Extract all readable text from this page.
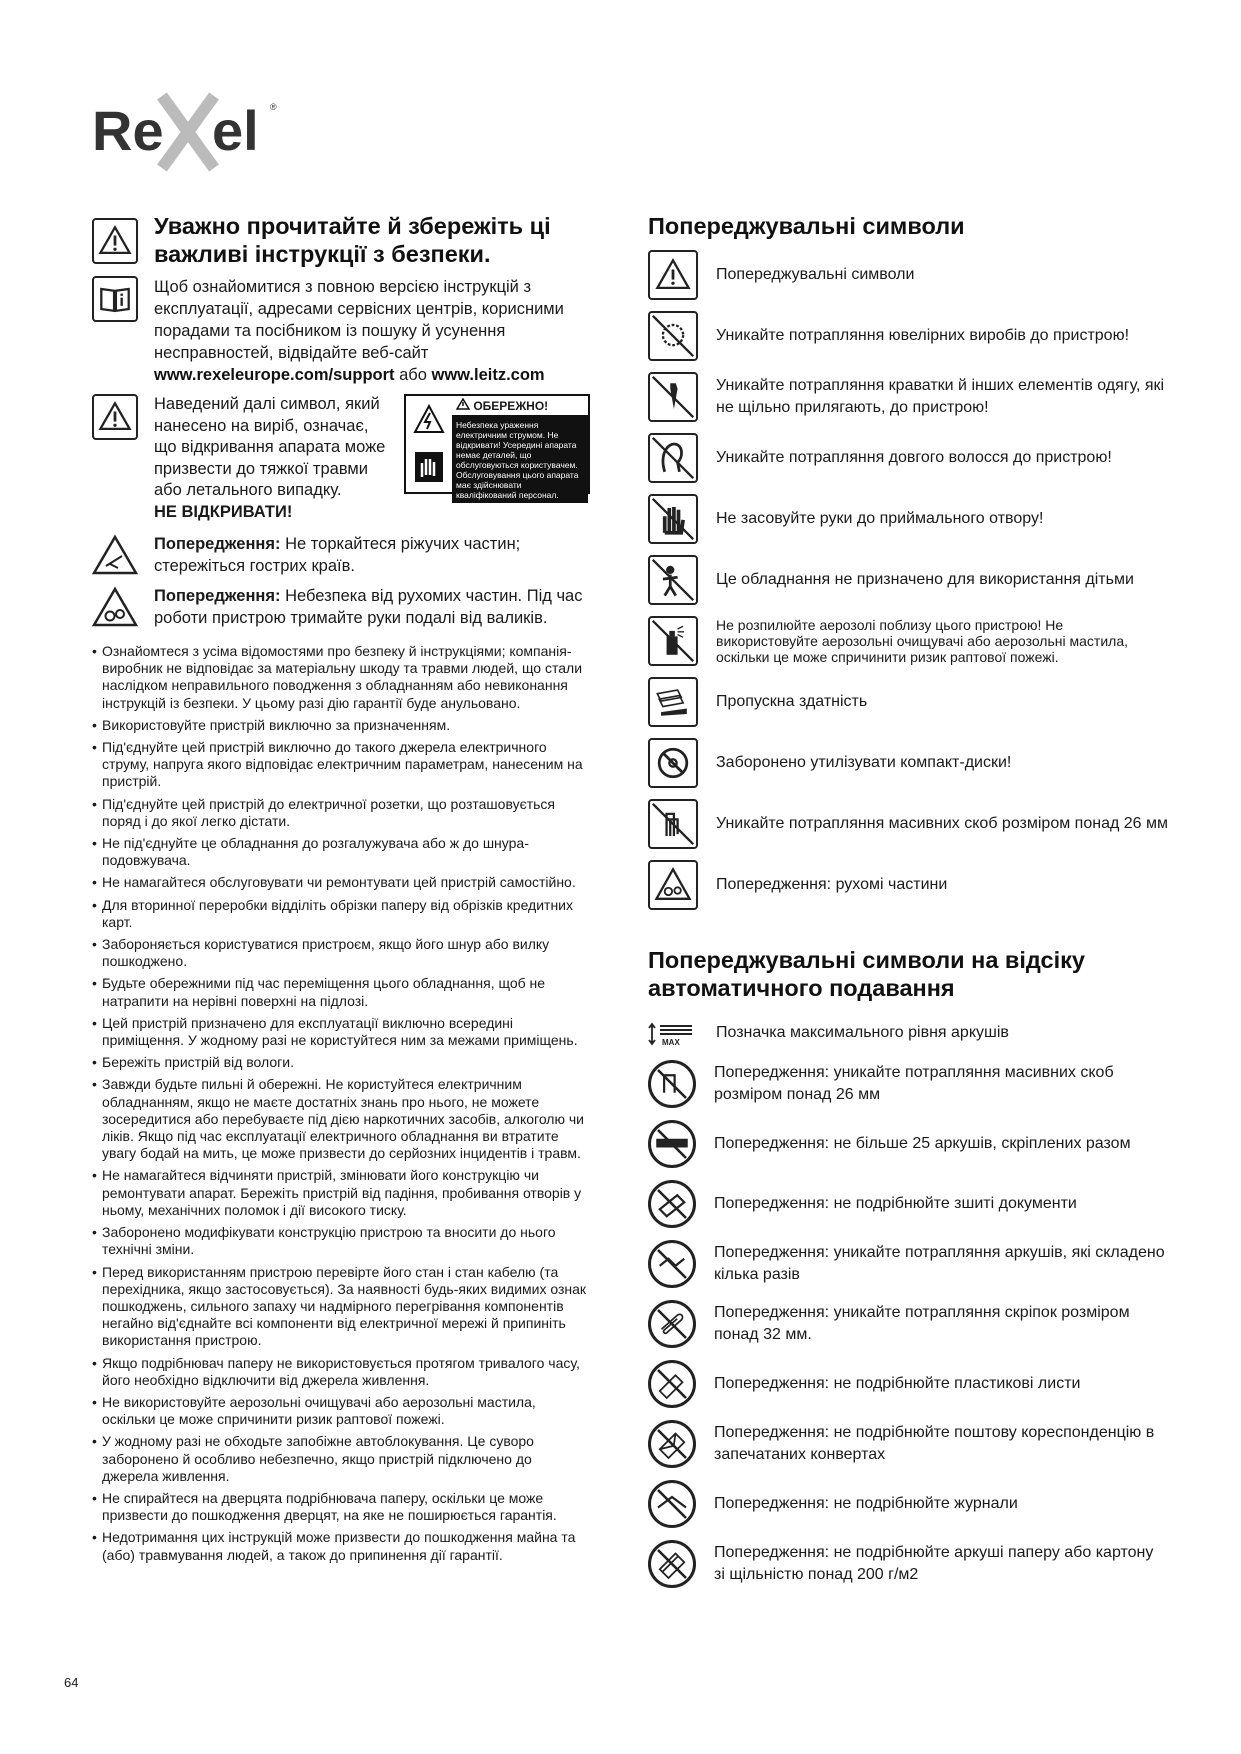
Re el ®
Уважно прочитайте й збережіть ці важливі інструкції з безпеки.
Щоб ознайомитися з повною версією інструкцій з експлуатації, адресами сервісних центрів, корисними порадами та посібником із пошуку й усунення несправностей, відвідайте веб-сайт
www.rexeleurope.com/support або www.leitz.com
Наведений далі символ, який нанесено на виріб, означає, що відкривання апарата може призвести до тяжкої травми або летального випадку.
НЕ ВІДКРИВАТИ!
ОБЕРЕЖНО!
Небезпека ураження електричним струмом. Не відкривати! Усередині апарата немає деталей, що обслуговуються користувачем. Обслуговування цього апарата має здійснювати кваліфікований персонал.
Попередження: Не торкайтеся ріжучих частин; стережіться гострих країв.
Попередження: Небезпека від рухомих частин. Під час роботи пристрою тримайте руки подалі від валиків.
• Ознайомтеся з усіма відомостями про безпеку й інструкціями; компанія-виробник не відповідає за матеріальну шкоду та травми людей, що стали наслідком неправильного поводження з обладнанням або невиконання інструкцій із безпеки. У цьому разі дію гарантії буде анульовано.
• Використовуйте пристрій виключно за призначенням.
• Під'єднуйте цей пристрій виключно до такого джерела електричного струму, напруга якого відповідає електричним параметрам, нанесеним на пристрій.
• Під'єднуйте цей пристрій до електричної розетки, що розташовується поряд і до якої легко дістати.
• Не під'єднуйте це обладнання до розгалужувача або ж до шнура-подовжувача.
• Не намагайтеся обслуговувати чи ремонтувати цей пристрій самостійно.
• Для вторинної переробки відділіть обрізки паперу від обрізків кредитних карт.
• Забороняється користуватися пристроєм, якщо його шнур або вилку пошкоджено.
• Будьте обережними під час переміщення цього обладнання, щоб не натрапити на нерівні поверхні на підлозі.
• Цей пристрій призначено для експлуатації виключно всередині приміщення. У жодному разі не користуйтеся ним за межами приміщень.
• Бережіть пристрій від вологи.
• Завжди будьте пильні й обережні. Не користуйтеся електричним обладнанням, якщо не маєте достатніх знань про нього, не можете зосередитися або перебуваєте під дією наркотичних засобів, алкоголю чи ліків. Якщо під час експлуатації електричного обладнання ви втратите увагу бодай на мить, це може призвести до серйозних інцидентів і травм.
• Не намагайтеся відчиняти пристрій, змінювати його конструкцію чи ремонтувати апарат. Бережіть пристрій від падіння, пробивання отворів у ньому, механічних поломок і дії високого тиску.
• Заборонено модифікувати конструкцію пристрою та вносити до нього технічні зміни.
• Перед використанням пристрою перевірте його стан і стан кабелю (та перехідника, якщо застосовується). За наявності будь-яких видимих ознак пошкоджень, сильного запаху чи надмірного перегрівання компонентів негайно від'єднайте всі компоненти від електричної мережі й припиніть використання пристрою.
• Якщо подрібнювач паперу не використовується протягом тривалого часу, його необхідно відключити від джерела живлення.
• Не використовуйте аерозольні очищувачі або аерозольні мастила, оскільки це може спричинити ризик раптової пожежі.
• У жодному разі не обходьте запобіжне автоблокування. Це суворо заборонено й особливо небезпечно, якщо пристрій підключено до джерела живлення.
• Не спирайтеся на дверцята подрібнювача паперу, оскільки це може призвести до пошкодження дверцят, на яке не поширюється гарантія.
• Недотримання цих інструкцій може призвести до пошкодження майна та (або) травмування людей, а також до припинення дії гарантії.
Попереджувальні символи
Попереджувальні символи
Уникайте потрапляння ювелірних виробів до пристрою!
Уникайте потрапляння краватки й інших елементів одягу, які не щільно прилягають, до пристрою!
Уникайте потрапляння довгого волосся до пристрою!
Не засовуйте руки до приймального отвору!
Це обладнання не призначено для використання дітьми
Не розпилюйте аерозолі поблизу цього пристрою! Не використовуйте аерозольні очищувачі або аерозольні мастила, оскільки це може спричинити ризик раптової пожежі.
Пропускна здатність
Заборонено утилізувати компакт-диски!
Уникайте потрапляння масивних скоб розміром понад 26 мм
Попередження: рухомі частини
Попереджувальні символи на відсіку автоматичного подавання
MAX
Позначка максимального рівня аркушів
Попередження: уникайте потрапляння масивних скоб розміром понад 26 мм
Попередження: не більше 25 аркушів, скріплених разом
Попередження: не подрібнюйте зшиті документи
Попередження: уникайте потрапляння аркушів, які складено кілька разів
Попередження: уникайте потрапляння скріпок розміром понад 32 мм.
Попередження: не подрібнюйте пластикові листи
Попередження: не подрібнюйте поштову кореспонденцію в запечатаних конвертах
Попередження: не подрібнюйте журнали
Попередження: не подрібнюйте аркуші паперу або картону зі щільністю понад 200 г/м2
64
